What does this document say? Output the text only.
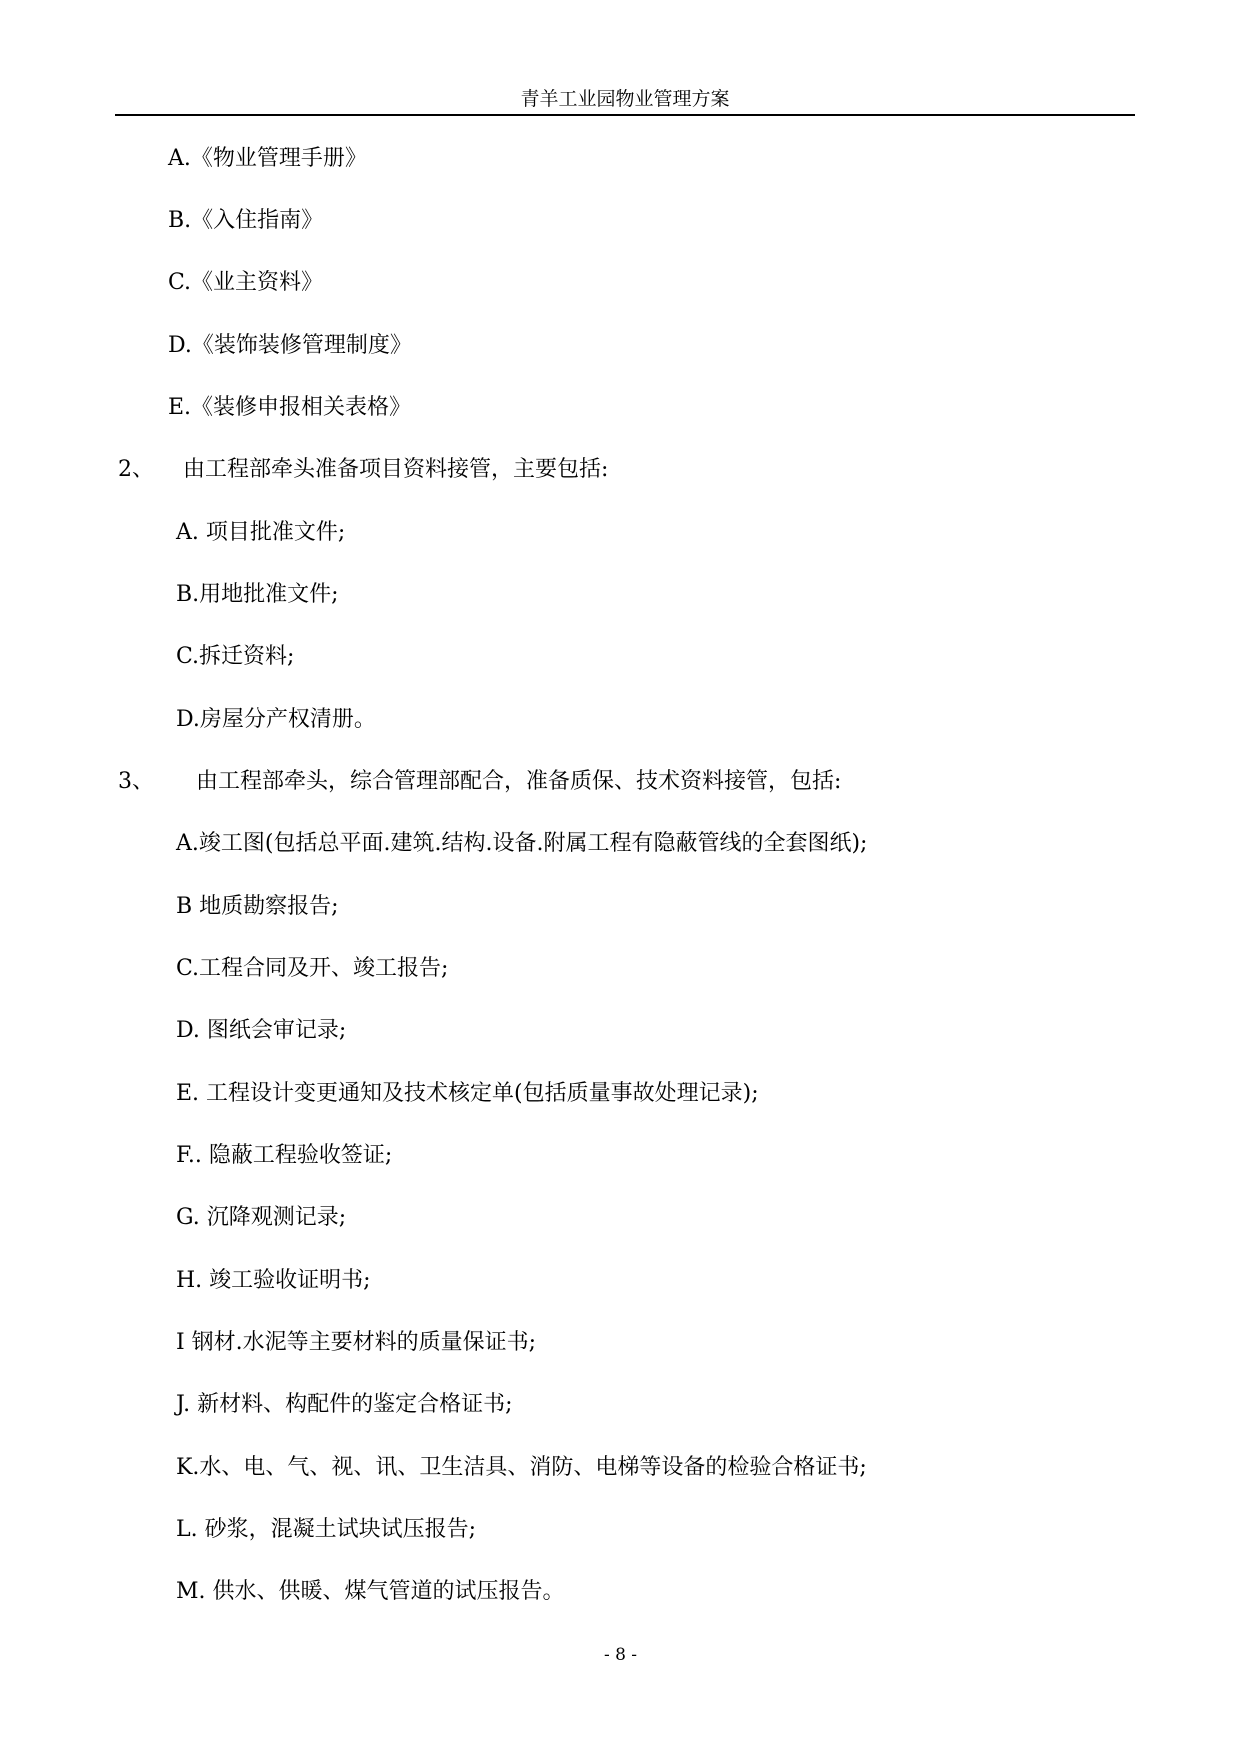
青羊工业园物业管理方案
A.《物业管理手册》
B.《入住指南》
C.《业主资料》
D.《装饰装修管理制度》
E.《装修申报相关表格》
2、 由工程部牵头准备项目资料接管，主要包括:
A. 项目批准文件;
B.用地批准文件;
C.拆迁资料;
D.房屋分产权清册。
3、 由工程部牵头，综合管理部配合，准备质保、技术资料接管，包括:
A.竣工图(包括总平面.建筑.结构.设备.附属工程有隐蔽管线的全套图纸);
B 地质勘察报告;
C.工程合同及开、竣工报告;
D. 图纸会审记录;
E. 工程设计变更通知及技术核定单(包括质量事故处理记录);
F.. 隐蔽工程验收签证;
G. 沉降观测记录;
H. 竣工验收证明书;
I 钢材.水泥等主要材料的质量保证书;
J. 新材料、构配件的鉴定合格证书;
K.水、电、气、视、讯、卫生洁具、消防、电梯等设备的检验合格证书;
L. 砂浆，混凝土试块试压报告;
M. 供水、供暖、煤气管道的试压报告。
- 8 -
